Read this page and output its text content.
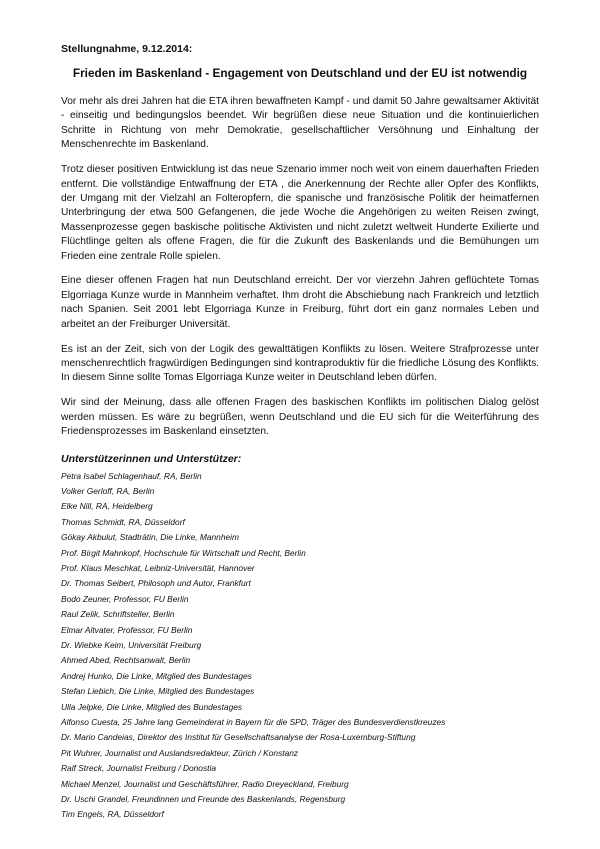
Stellungnahme, 9.12.2014:
Frieden im Baskenland - Engagement von Deutschland und der EU ist notwendig

Vor mehr als drei Jahren hat die ETA ihren bewaffneten Kampf - und damit 50 Jahre gewaltsamer Aktivität - einseitig und bedingungslos beendet. Wir begrüßen diese neue Situation und die kontinuierlichen Schritte in Richtung von mehr Demokratie, gesellschaftlicher Versöhnung und Einhaltung der Menschenrechte im Baskenland.

Trotz dieser positiven Entwicklung ist das neue Szenario immer noch weit von einem dauerhaften Frieden entfernt. Die vollständige Entwaffnung der ETA , die Anerkennung der Rechte aller Opfer des Konflikts, der Umgang mit der Vielzahl an Folteropfern, die spanische und französische Politik der heimatfernen Unterbringung der etwa 500 Gefangenen, die jede Woche die Angehörigen zu weiten Reisen zwingt, Massenprozesse gegen baskische politische Aktivisten und nicht zuletzt weltweit Hunderte Exilierte und Flüchtlinge gelten als offene Fragen, die für die Zukunft des Baskenlands und die Bemühungen um Frieden eine zentrale Rolle spielen.

Eine dieser offenen Fragen hat nun Deutschland erreicht. Der vor vierzehn Jahren geflüchtete Tomas Elgorriaga Kunze wurde in Mannheim verhaftet. Ihm droht die Abschiebung nach Frankreich und letztlich nach Spanien. Seit 2001 lebt Elgorriaga Kunze in Freiburg, führt dort ein ganz normales Leben und arbeitet an der Freiburger Universität.

Es ist an der Zeit, sich von der Logik des gewalttätigen Konflikts zu lösen. Weitere Strafprozesse unter menschenrechtlich fragwürdigen Bedingungen sind kontraproduktiv für die friedliche Lösung des Konflikts. In diesem Sinne sollte Tomas Elgorriaga Kunze weiter in Deutschland leben dürfen.

Wir sind der Meinung, dass alle offenen Fragen des baskischen Konflikts im politischen Dialog gelöst werden müssen. Es wäre zu begrüßen, wenn Deutschland und die EU sich für die Weiterführung des Friedensprozesses im Baskenland einsetzten.

Unterstützerinnen und Unterstützer:
Petra Isabel Schlagenhauf, RA, Berlin
Volker Gerloff, RA, Berlin
Elke Nill, RA, Heidelberg
Thomas Schmidt, RA, Düsseldorf
Gökay Akbulut, Stadträtin, Die Linke, Mannheim
Prof. Birgit Mahnkopf, Hochschule für Wirtschaft und Recht, Berlin
Prof. Klaus Meschkat, Leibniz-Universität, Hannover
Dr. Thomas Seibert, Philosoph und Autor, Frankfurt
Bodo Zeuner, Professor, FU Berlin
Raul Zelik, Schriftsteller, Berlin
Elmar Altvater, Professor, FU Berlin
Dr. Wiebke Keim, Universität Freiburg
Ahmed Abed, Rechtsanwalt, Berlin
Andrej Hunko, Die Linke, Mitglied des Bundestages
Stefan Liebich, Die Linke, Mitglied des Bundestages
Ulla Jelpke, Die Linke, Mitglied des Bundestages
Alfonso Cuesta, 25 Jahre lang Gemeinderat in Bayern für die SPD, Träger des Bundesverdienstkreuzes
Dr. Mario Candeias, Direktor des Institut für Gesellschaftsanalyse der Rosa-Luxemburg-Stiftung
Pit Wuhrer, Journalist und Auslandsredakteur, Zürich / Konstanz
Ralf Streck, Journalist Freiburg / Donostia
Michael Menzel, Journalist und Geschäftsführer, Radio Dreyeckland, Freiburg
Dr. Uschi Grandel, Freundinnen und Freunde des Baskenlands, Regensburg
Tim Engels, RA, Düsseldorf
